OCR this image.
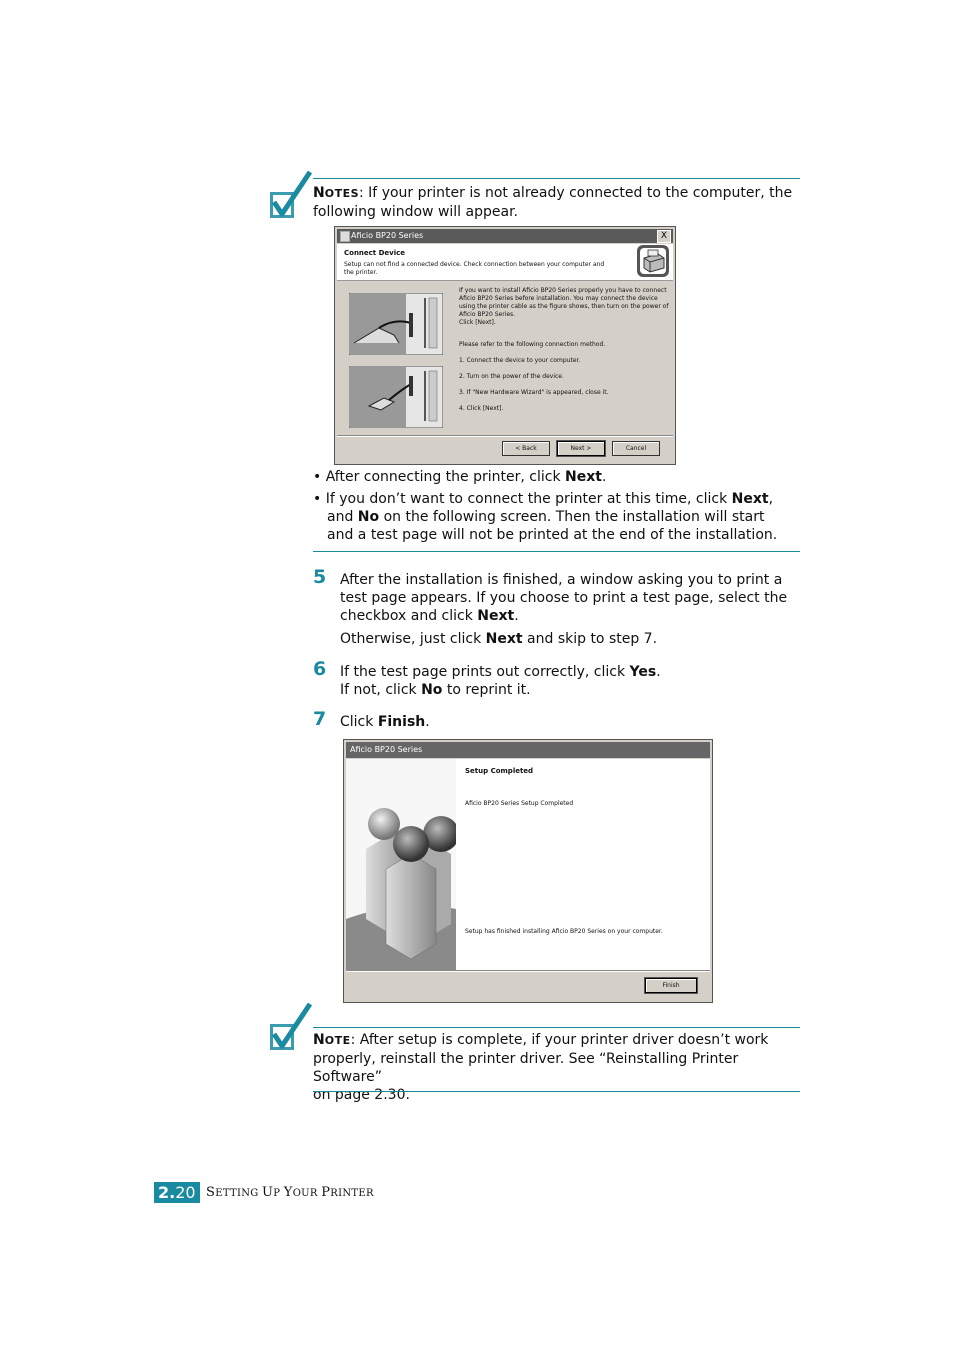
NOTES: If your printer is not already connected to the computer, the
following window will appear.
Aficio BP20 Series	X
Connect Device
Setup can not find a connected device. Check connection between your computer and
the printer.
If you want to install Aficio BP20 Series properly you have to connect
Aficio BP20 Series before installation. You may connect the device
using the printer cable as the figure shows, then turn on the power of
Aficio BP20 Series.
Click [Next].
Please refer to the following connection method.
1. Connect the device to your computer.
2. Turn on the power of the device.
3. If "New Hardware Wizard" is appeared, close it.
4. Click [Next].
< Back	Next >	Cancel
• After connecting the printer, click Next.
• If you don’t want to connect the printer at this time, click Next,
and No on the following screen. Then the installation will start
and a test page will not be printed at the end of the installation.
5 After the installation is finished, a window asking you to print a
test page appears. If you choose to print a test page, select the
checkbox and click Next.
Otherwise, just click Next and skip to step 7.
6 If the test page prints out correctly, click Yes.
If not, click No to reprint it.
7 Click Finish.
Aficio BP20 Series
Setup Completed
Aficio BP20 Series Setup Completed
Setup has finished installing Aficio BP20 Series on your computer.
Finish
NOTE: After setup is complete, if your printer driver doesn’t work
properly, reinstall the printer driver. See “Reinstalling Printer Software”
on page 2.30.
2.20 SETTING UP YOUR PRINTER
